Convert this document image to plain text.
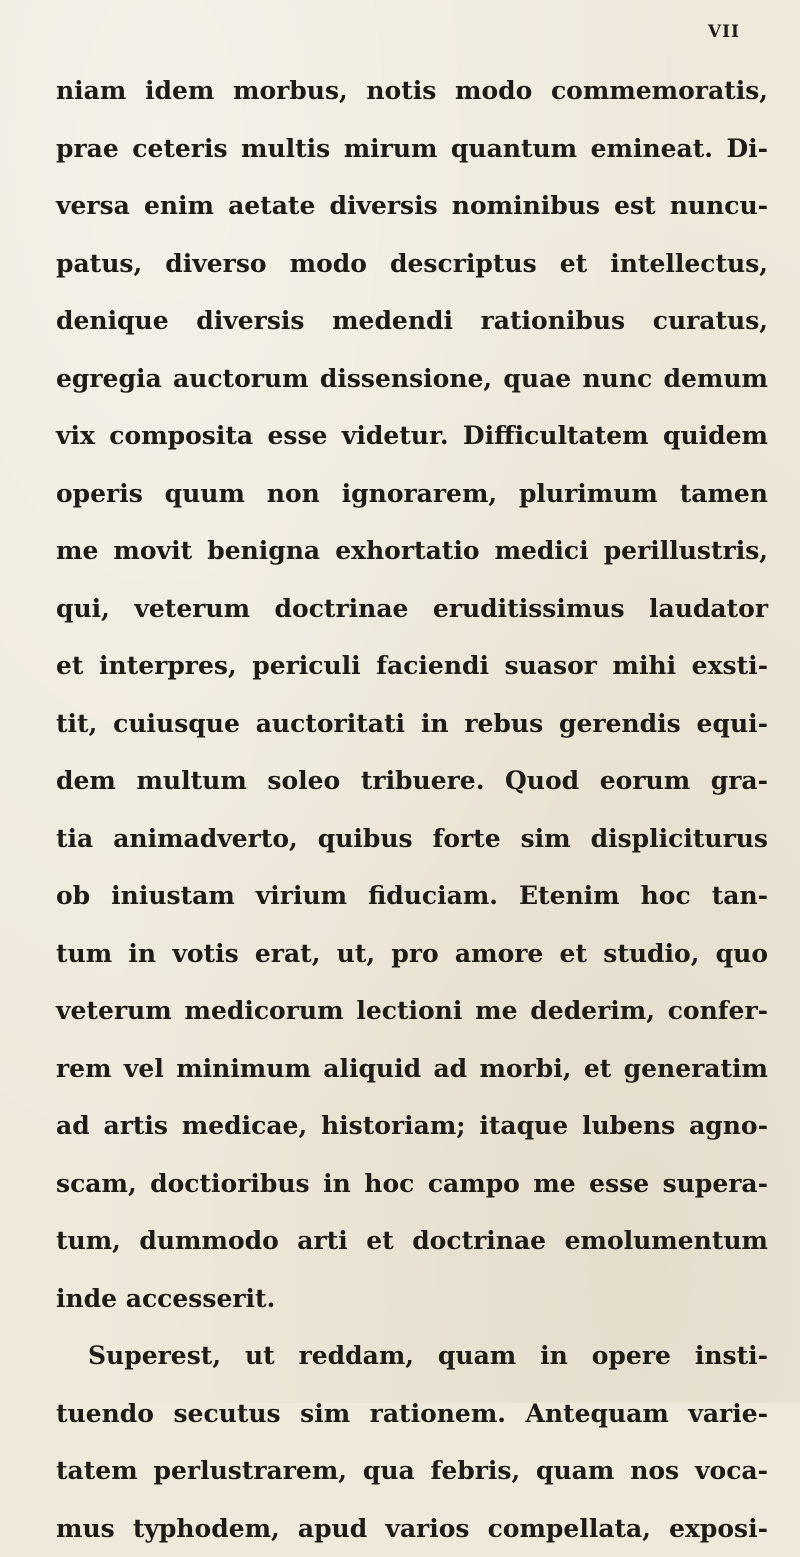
VII
niam idem morbus, notis modo commemoratis,
prae ceteris multis mirum quantum emineat. Di-
versa enim aetate diversis nominibus est nuncu-
patus, diverso modo descriptus et intellectus,
denique diversis medendi rationibus curatus,
egregia auctorum dissensione, quae nunc demum
vix composita esse videtur. Difficultatem quidem
operis quum non ignorarem, plurimum tamen
me movit benigna exhortatio medici perillustris,
qui, veterum doctrinae eruditissimus laudator
et interpres, periculi faciendi suasor mihi exsti-
tit, cuiusque auctoritati in rebus gerendis equi-
dem multum soleo tribuere. Quod eorum gra-
tia animadverto, quibus forte sim displiciturus
ob iniustam virium fiduciam. Etenim hoc tan-
tum in votis erat, ut, pro amore et studio, quo
veterum medicorum lectioni me dederim, confer-
rem vel minimum aliquid ad morbi, et generatim
ad artis medicae, historiam; itaque lubens agno-
scam, doctioribus in hoc campo me esse supera-
tum, dummodo arti et doctrinae emolumentum
inde accesserit.
Superest, ut reddam, quam in opere insti-
tuendo secutus sim rationem. Antequam varie-
tatem perlustrarem, qua febris, quam nos voca-
mus typhodem, apud varios compellata, exposi-
